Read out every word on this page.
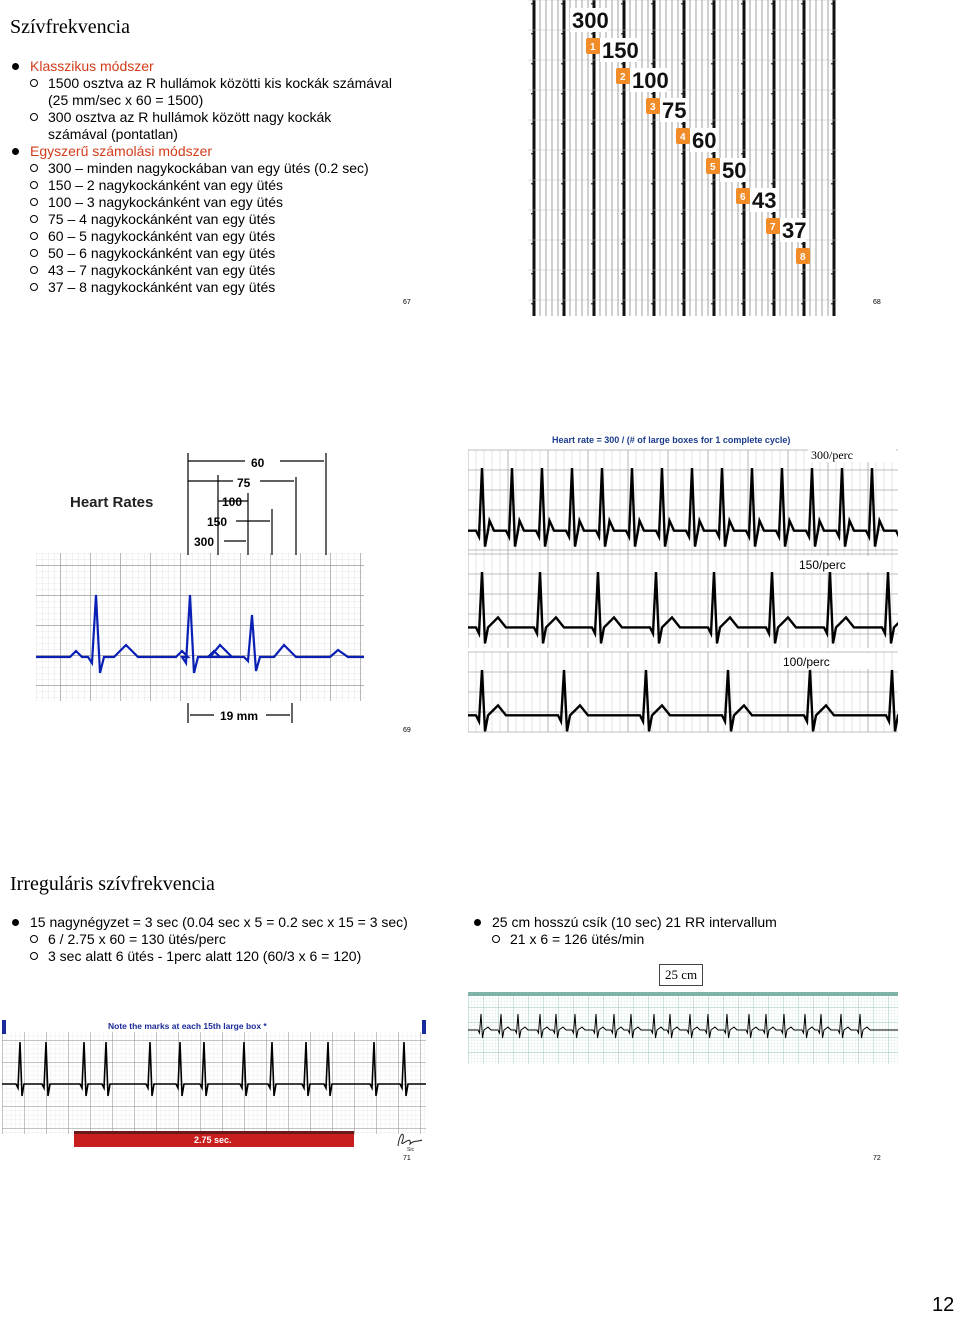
Szívfrekvencia
Klasszikus módszer
1500 osztva az R hullámok közötti kis kockák számával (25 mm/sec x 60 = 1500)
300 osztva az R hullámok között nagy kockák számával (pontatlan)
Egyszerű számolási módszer
300 – minden nagykockában van egy ütés (0.2 sec)
150 – 2 nagykockánként van egy ütés
100 – 3 nagykockánként van egy ütés
75 – 4 nagykockánként van egy ütés
60 – 5 nagykockánként van egy ütés
50 – 6 nagykockánként van egy ütés
43 – 7 nagykockánként van egy ütés
37 – 8 nagykockánként van egy ütés
67
300
1 150
2 100
3 75
4 60
5 50
6 43
7 37
8
68
Heart Rates
60
75
100
150
300
19 mm
Heart rate = 300 / (# of large boxes for 1 complete cycle)
300/perc
150/perc
100/perc
69
Irreguláris szívfrekvencia
15 nagynégyzet = 3 sec (0.04 sec x 5 = 0.2 sec x 15 = 3 sec)
6 / 2.75 x 60 = 130 ütés/perc
3 sec alatt 6 ütés - 1perc alatt 120 (60/3 x 6 = 120)
Note the marks at each 15th large box *
2.75 sec.
Sic
71
25 cm hosszú csík (10 sec) 21 RR intervallum
21 x 6 = 126 ütés/min
25 cm
72
12
